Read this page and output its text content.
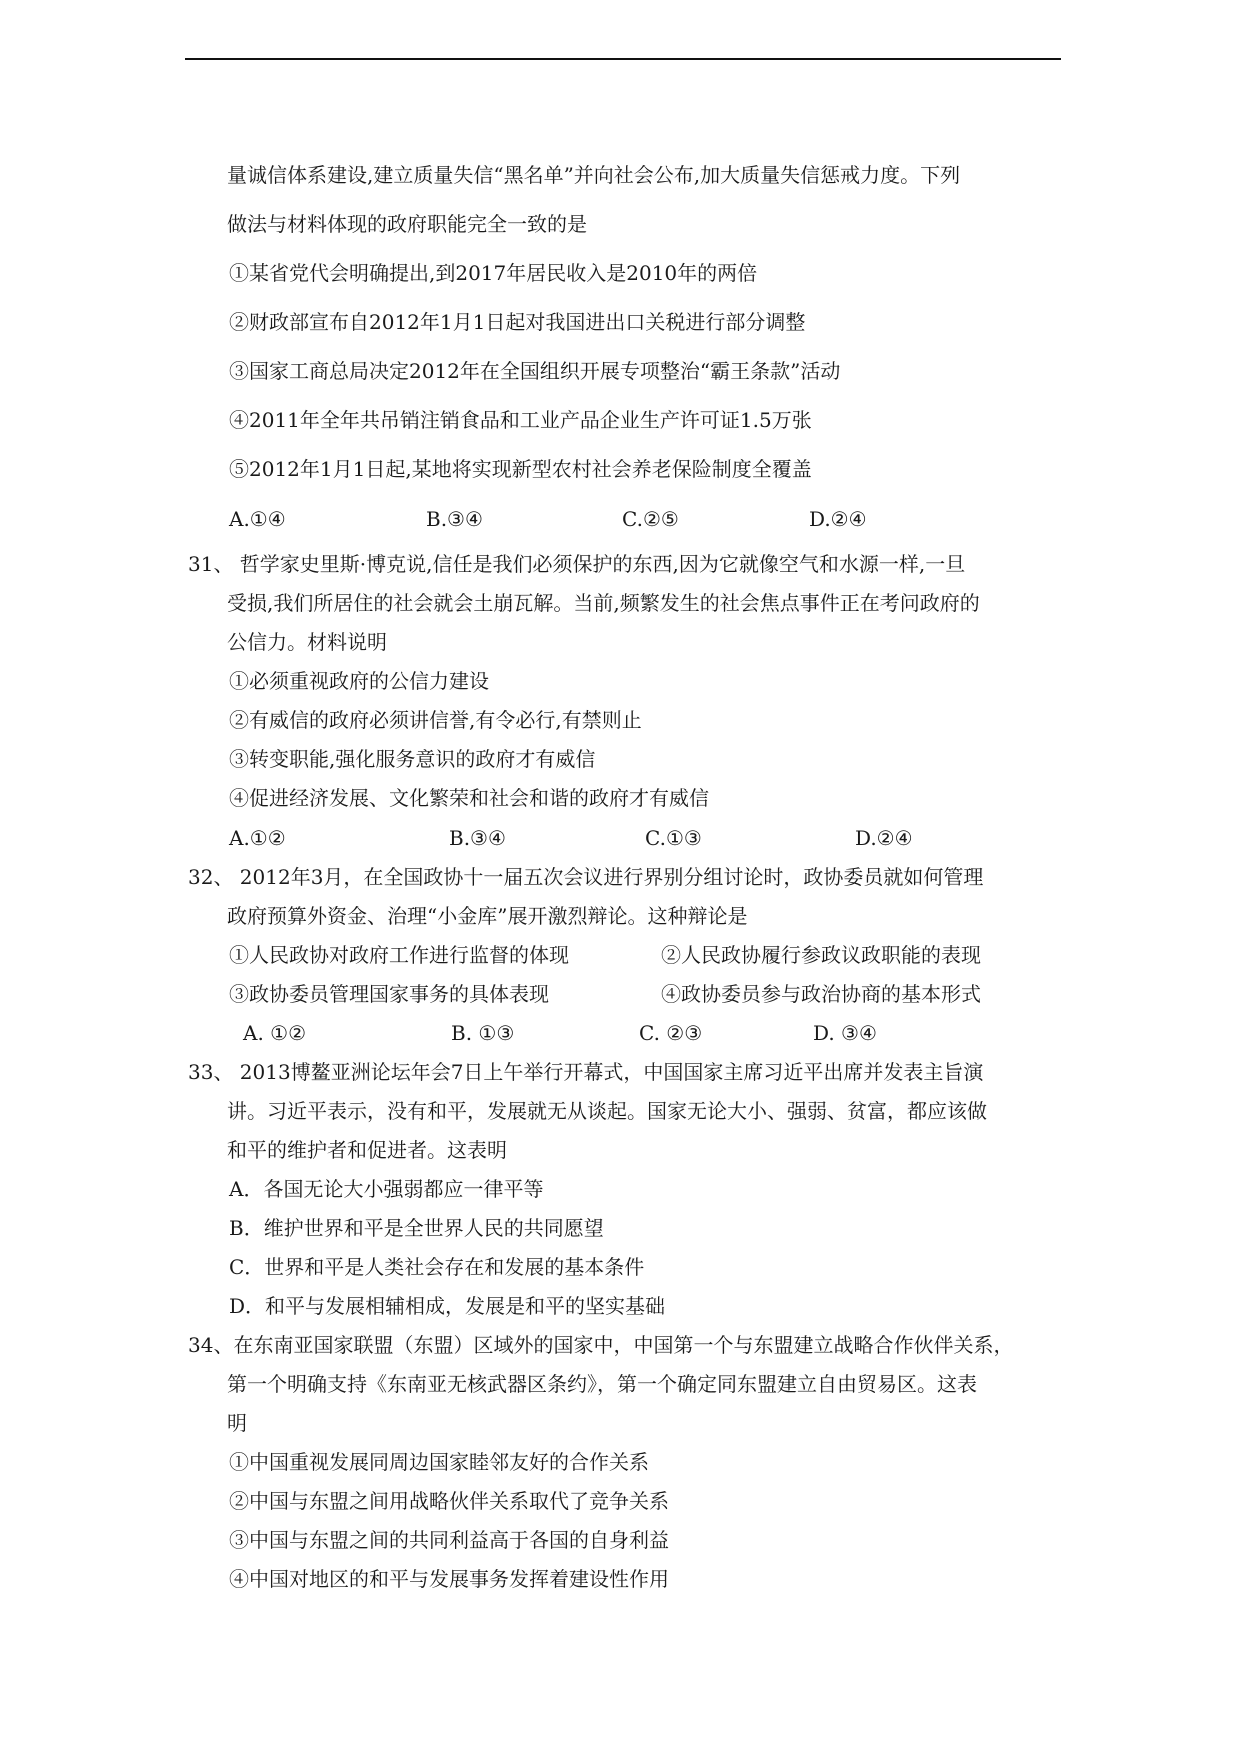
量诚信体系建设,建立质量失信“黑名单”并向社会公布,加大质量失信惩戒力度。下列
做法与材料体现的政府职能完全一致的是
①某省党代会明确提出,到2017年居民收入是2010年的两倍
②财政部宣布自2012年1月1日起对我国进出口关税进行部分调整
③国家工商总局决定2012年在全国组织开展专项整治“霸王条款”活动
④2011年全年共吊销注销食品和工业产品企业生产许可证1.5万张
⑤2012年1月1日起,某地将实现新型农村社会养老保险制度全覆盖
A.①④	B.③④	C.②⑤	D.②④
31、 哲学家史里斯·博克说,信任是我们必须保护的东西,因为它就像空气和水源一样,一旦
受损,我们所居住的社会就会土崩瓦解。当前,频繁发生的社会焦点事件正在考问政府的
公信力。材料说明
①必须重视政府的公信力建设
②有威信的政府必须讲信誉,有令必行,有禁则止
③转变职能,强化服务意识的政府才有威信
④促进经济发展、文化繁荣和社会和谐的政府才有威信
A.①②	B.③④	C.①③	D.②④
32、 2012年3月，在全国政协十一届五次会议进行界别分组讨论时，政协委员就如何管理
政府预算外资金、治理“小金库”展开激烈辩论。这种辩论是
①人民政协对政府工作进行监督的体现	②人民政协履行参政议政职能的表现
③政协委员管理国家事务的具体表现	④政协委员参与政治协商的基本形式
A. ①②	B. ①③	C. ②③	D. ③④
33、 2013博鳌亚洲论坛年会7日上午举行开幕式，中国国家主席习近平出席并发表主旨演
讲。习近平表示，没有和平，发展就无从谈起。国家无论大小、强弱、贫富，都应该做
和平的维护者和促进者。这表明
A．各国无论大小强弱都应一律平等
B．维护世界和平是全世界人民的共同愿望
C．世界和平是人类社会存在和发展的基本条件
D．和平与发展相辅相成，发展是和平的坚实基础
34、在东南亚国家联盟（东盟）区域外的国家中，中国第一个与东盟建立战略合作伙伴关系，
第一个明确支持《东南亚无核武器区条约》，第一个确定同东盟建立自由贸易区。这表
明
①中国重视发展同周边国家睦邻友好的合作关系
②中国与东盟之间用战略伙伴关系取代了竞争关系
③中国与东盟之间的共同利益高于各国的自身利益
④中国对地区的和平与发展事务发挥着建设性作用
